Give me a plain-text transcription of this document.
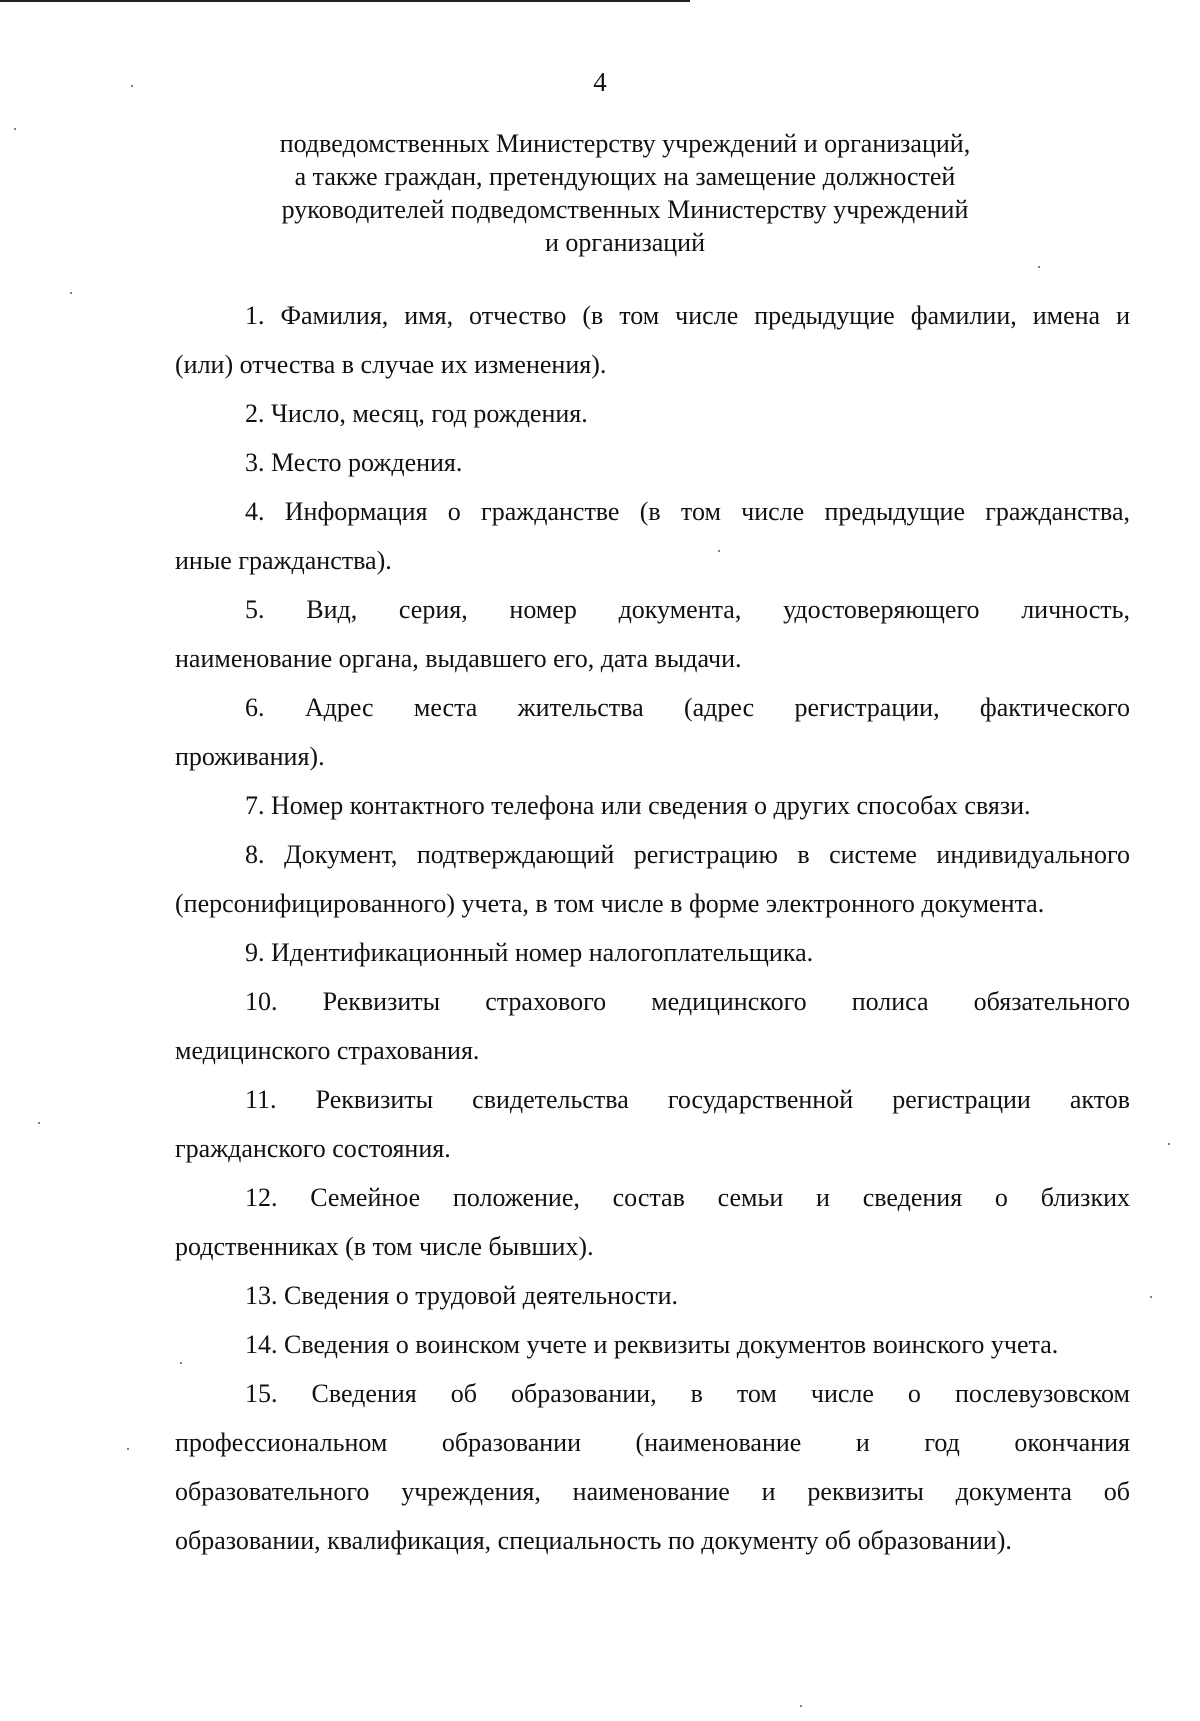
4
подведомственных Министерству учреждений и организаций,
а также граждан, претендующих на замещение должностей
руководителей подведомственных Министерству учреждений
и организаций
1. Фамилия, имя, отчество (в том числе предыдущие фамилии, имена и
(или) отчества в случае их изменения).
2. Число, месяц, год рождения.
3. Место рождения.
4. Информация о гражданстве (в том числе предыдущие гражданства,
иные гражданства).
5. Вид, серия, номер документа, удостоверяющего личность,
наименование органа, выдавшего его, дата выдачи.
6. Адрес места жительства (адрес регистрации, фактического
проживания).
7. Номер контактного телефона или сведения о других способах связи.
8. Документ, подтверждающий регистрацию в системе индивидуального
(персонифицированного) учета, в том числе в форме электронного документа.
9. Идентификационный номер налогоплательщика.
10. Реквизиты страхового медицинского полиса обязательного
медицинского страхования.
11. Реквизиты свидетельства государственной регистрации актов
гражданского состояния.
12. Семейное положение, состав семьи и сведения о близких
родственниках (в том числе бывших).
13. Сведения о трудовой деятельности.
14. Сведения о воинском учете и реквизиты документов воинского учета.
15. Сведения об образовании, в том числе о послевузовском
профессиональном образовании (наименование и год окончания
образовательного учреждения, наименование и реквизиты документа об
образовании, квалификация, специальность по документу об образовании).
